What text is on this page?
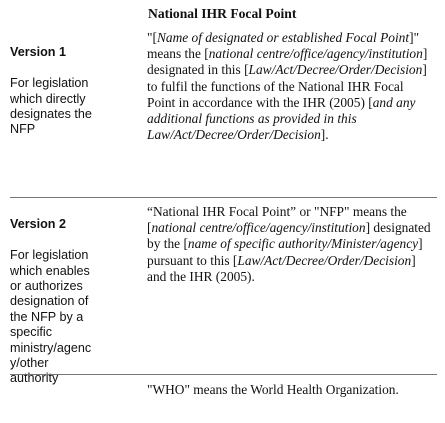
National IHR Focal Point

Version 1

For legislation
which directly
designates the
NFP

"[Name of designated or established Focal Point]" means the [national centre/office/agency/institution] designated in this [Law/Act/Decree/Order/Decision] to fulfil the functions of the National IHR Focal Point in accordance with the IHR (2005) [and any additional functions as provided in this Law/Act/Decree/Order/Decision].

Version 2

For legislation
which enables
or authorizes
designation of
the NFP by a
specific
ministry/agenc
y/other
authority

“National IHR Focal Point” or "NFP" means the [national centre/office/agency/institution] designated by the [name of specific authority/Minister/agency] pursuant to this [Law/Act/Decree/Order/Decision] and the IHR (2005).
"WHO" means the World Health Organization.
